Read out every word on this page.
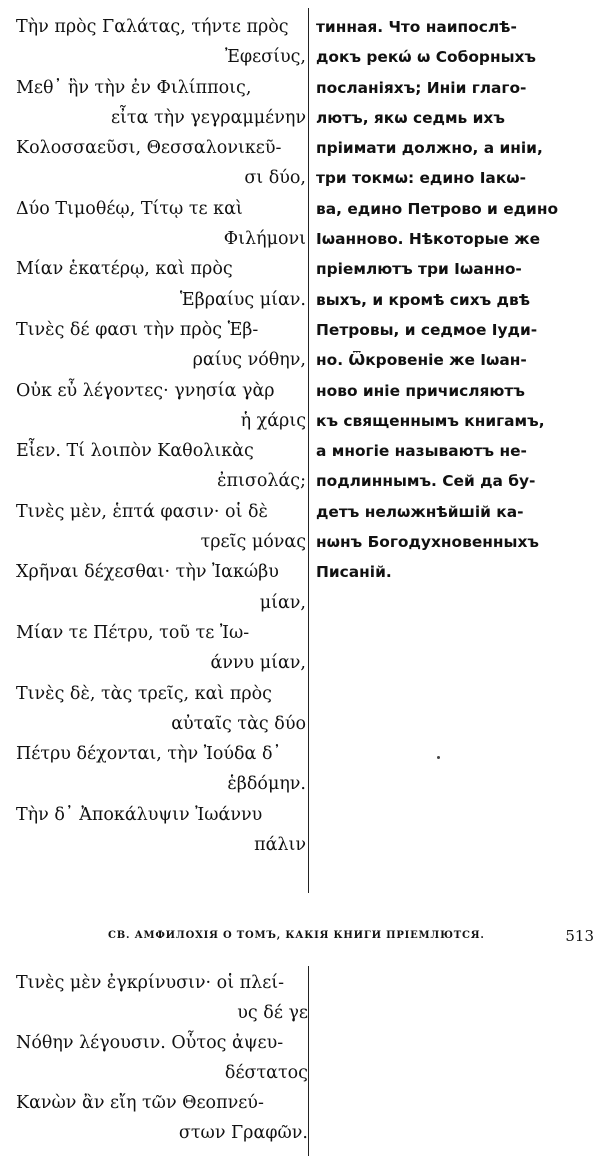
Τὴν πρὸς Γαλάτας, τήντε πρὸς
Ἐφεσίυς,
Μεθ᾽ ἣν τὴν ἐν Φιλίπποις,
εἶτα τὴν γεγραμμένην
Κολοσσαεῦσι, Θεσσαλονικεῦ-
σι δύο,
Δύο Τιμοθέῳ, Τίτῳ τε καὶ
Φιλήμονι
Μίαν ἑκατέρῳ, καὶ πρὸς
Ἑβραίυς μίαν.
Τινὲς δέ φασι τὴν πρὸς Ἑβ-
ραίυς νόθην,
Οὐκ εὖ λέγοντες· γνησία γὰρ
ἡ χάρις
Εἶεν. Τί λοιπὸν Καθολικὰς
ἐπισολάς;
Τινὲς μὲν, ἑπτά φασιν· οἱ δὲ
τρεῖς μόνας
Χρῆναι δέχεσθαι· τὴν Ἰακώβυ
μίαν,
Μίαν τε Πέτρυ, τοῦ τε Ἰω-
άννυ μίαν,
Τινὲς δὲ, τὰς τρεῖς, καὶ πρὸς
αὐταῖς τὰς δύο
Πέτρυ δέχονται, τὴν Ἰούδα δ᾽
ἑβδόμην.
Τὴν δ᾽ Ἀποκάλυψιν Ἰωάννυ
πάλιν
тинная. Что наипослѣ-
докъ рекѡ́ ѡ Соборныхъ
посланіяхъ; Иніи глаго-
лютъ, якѡ седмь ихъ
пріимати должно, а иніи,
три токмѡ: едино Іакѡ-
ва, едино Петрово и едино
Іѡанново. Нѣкоторые же
пріемлютъ три Іѡанно-
выхъ, и кромѣ сихъ двѣ
Петровы, и седмое Іуди-
но. Ѿкровеніе же Іѡан-
ново иніе причисляютъ
къ священнымъ книгамъ,
а многіе называютъ не-
подлиннымъ. Сей да бу-
детъ нелѡжнѣйшій ка-
нѡнъ Богодухновенныхъ
Писаній.
СВ. АМФИЛОХІЯ О ТОМЪ, КАКІЯ КНИГИ ПРІЕМЛЮТСЯ.	513
Τινὲς μὲν ἐγκρίνυσιν· οἱ πλεί-
υς δέ γε
Νόθην λέγουσιν. Οὗτος ἀψευ-
δέστατος
Κανὼν ἂν εἴη τῶν Θεοπνεύ-
στων Γραφῶν.
